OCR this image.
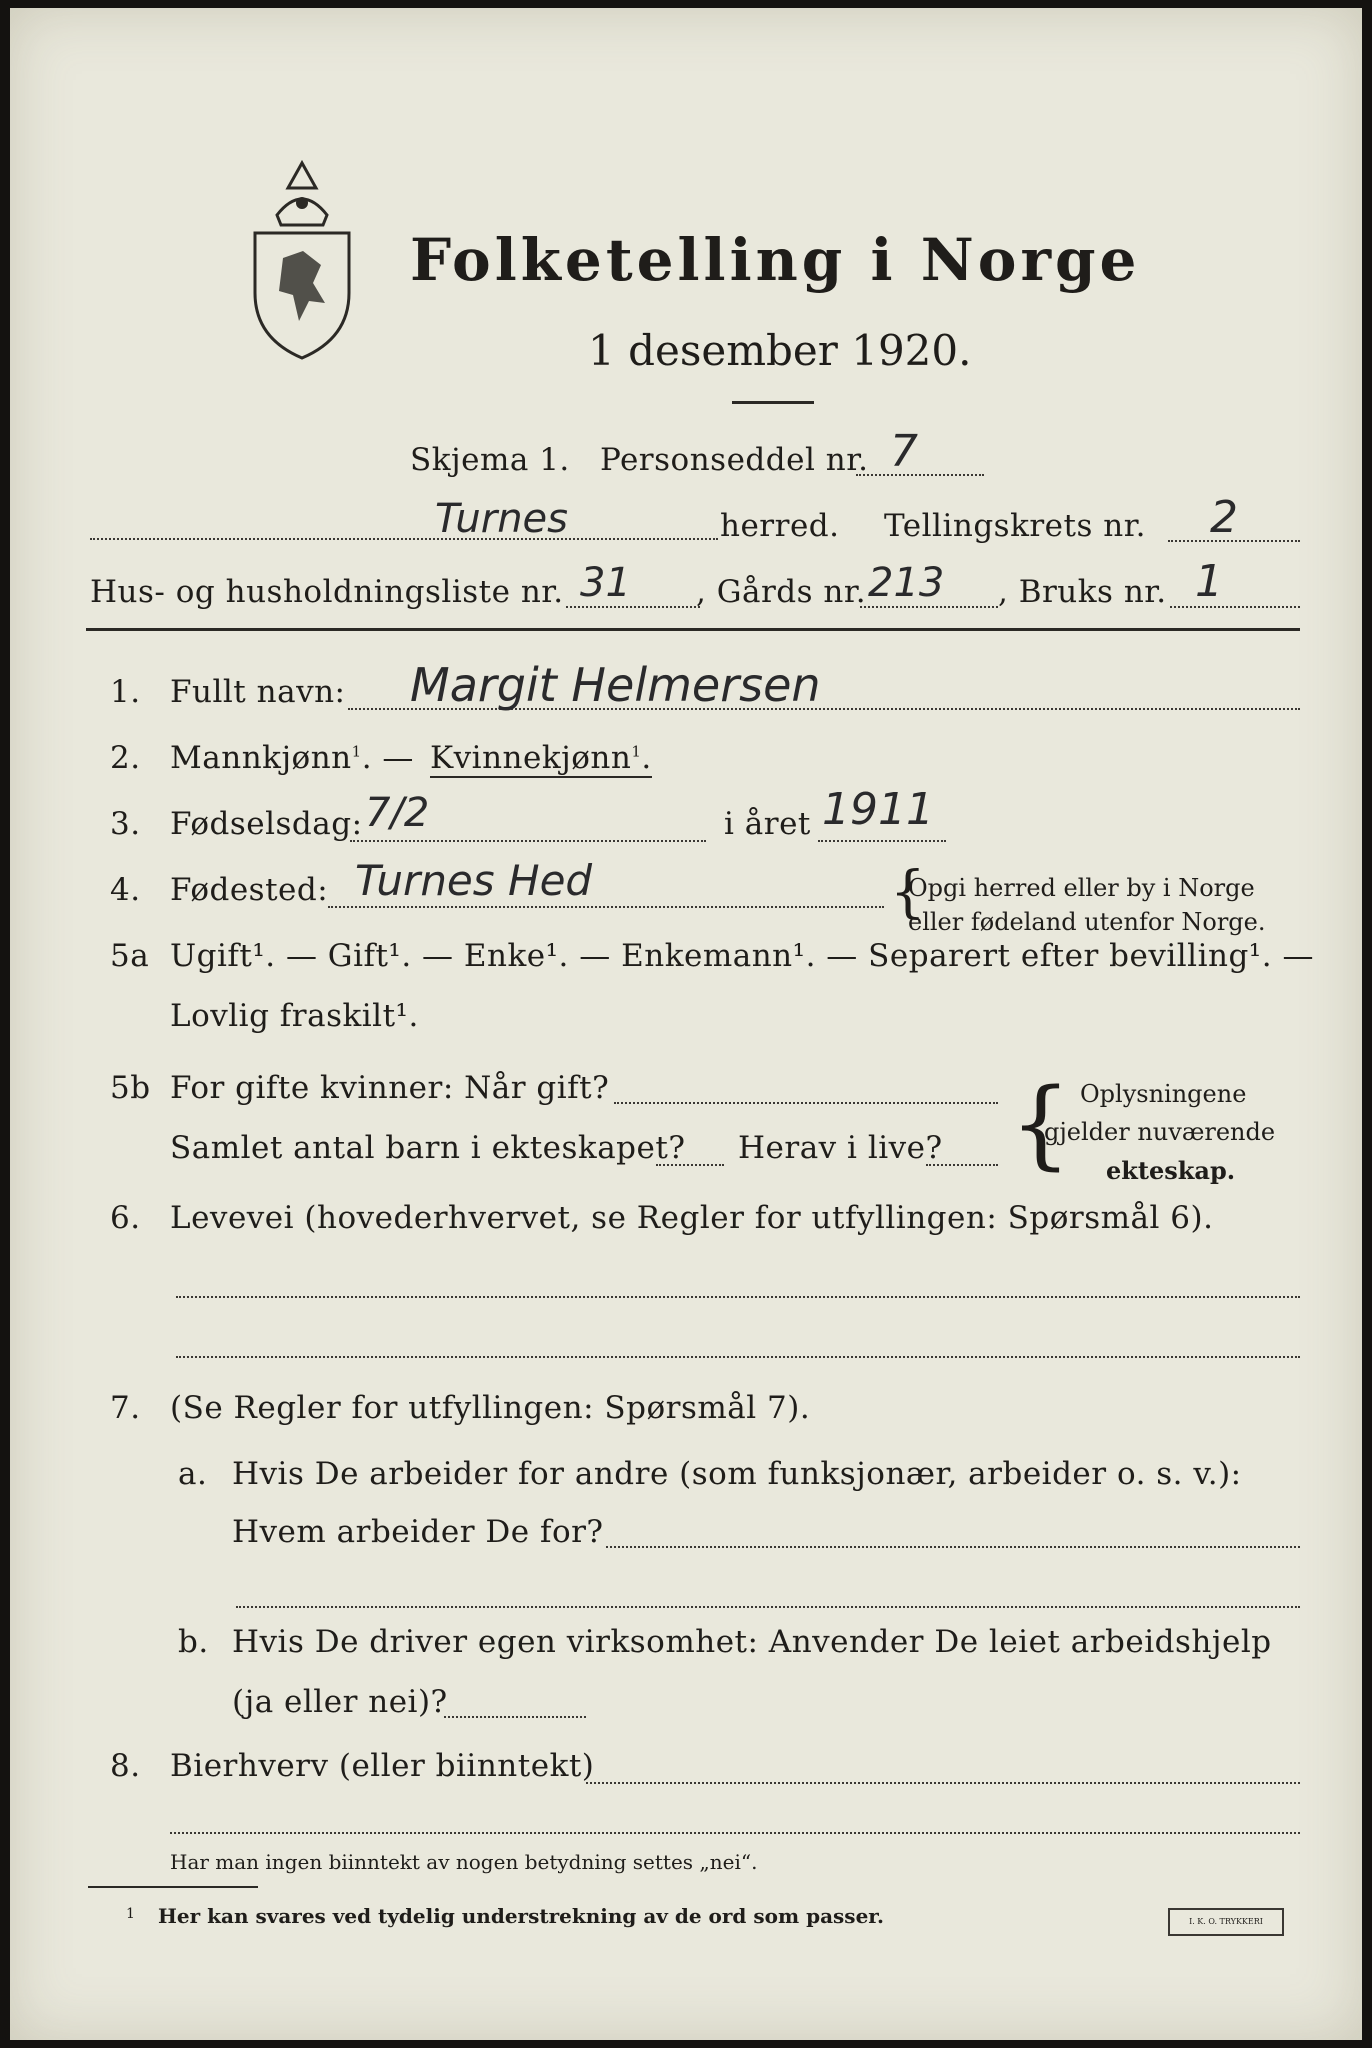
Folketelling i Norge
1 desember 1920.
Skjema 1. Personseddel nr. 7
Turnes	herred. Tellingskrets nr. 2
Hus- og husholdningsliste nr. 31 , Gårds nr. 213 , Bruks nr. 1
1. Fullt navn: Margit Helmersen
2. Mannkjønn$^1$. — Kvinnekjønn$^1$.
3. Fødselsdag: 7/2	i året 1911
4. Fødested: Turnes Hed	{
Opgi herred eller by i Norge
eller fødeland utenfor Norge.
5a Ugift¹. — Gift¹. — Enke¹. — Enkemann¹. — Separert efter bevilling¹. —
Lovlig fraskilt¹.
5b For gifte kvinner: Når gift?
Samlet antal barn i ekteskapet? Herav i live? { Oplysningene
gjelder nuværende
ekteskap.
6. Levevei (hovederhvervet, se Regler for utfyllingen: Spørsmål 6).
7. (Se Regler for utfyllingen: Spørsmål 7).
a. Hvis De arbeider for andre (som funksjonær, arbeider o. s. v.):
Hvem arbeider De for?
b. Hvis De driver egen virksomhet: Anvender De leiet arbeidshjelp
(ja eller nei)?
8. Bierhverv (eller biinntekt)
Har man ingen biinntekt av nogen betydning settes „nei“.
1 Her kan svares ved tydelig understrekning av de ord som passer.	I. K. O. TRYKKERI
